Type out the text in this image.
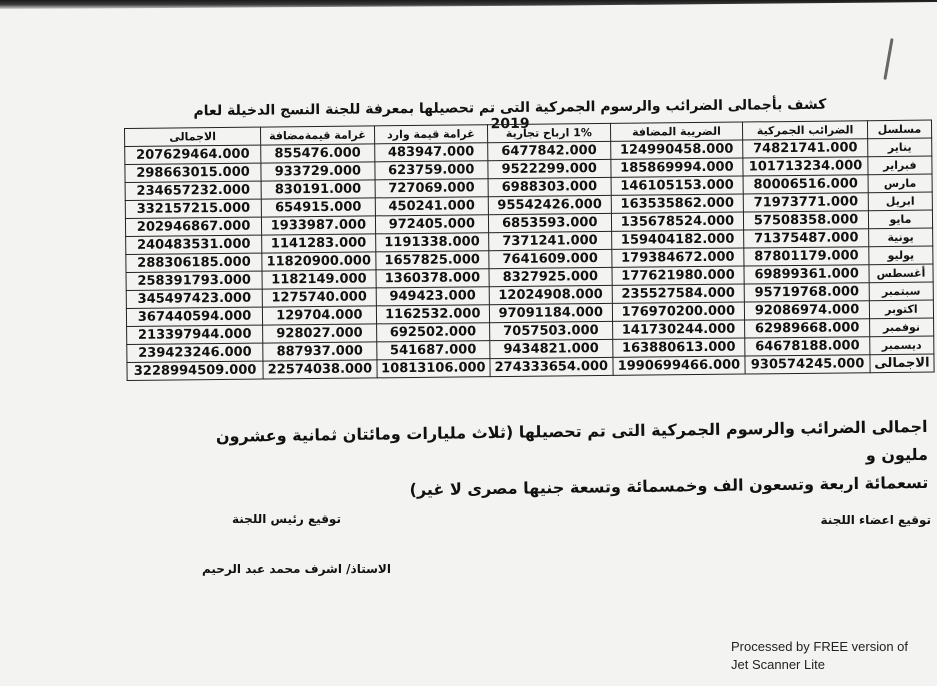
كشف بأجمالى الضرائب والرسوم الجمركية التى تم تحصيلها بمعرفة للجنة النسج الدخيلة لعام 2019	مسلسل	الضرائب الجمركية	الضريبة المضافة	1% ارباح تجارية	غرامة قيمة وارد	غرامة قيمةمضافة	الاجمالى
يناير	74821741.000	124990458.000	6477842.000	483947.000	855476.000	207629464.000
فبراير	101713234.000	185869994.000	9522299.000	623759.000	933729.000	298663015.000
مارس	80006516.000	146105153.000	6988303.000	727069.000	830191.000	234657232.000
ابريل	71973771.000	163535862.000	95542426.000	450241.000	654915.000	332157215.000
مايو	57508358.000	135678524.000	6853593.000	972405.000	1933987.000	202946867.000
يونية	71375487.000	159404182.000	7371241.000	1191338.000	1141283.000	240483531.000
يوليو	87801179.000	179384672.000	7641609.000	1657825.000	11820900.000	288306185.000
أغسطس	69899361.000	177621980.000	8327925.000	1360378.000	1182149.000	258391793.000
سبتمبر	95719768.000	235527584.000	12024908.000	949423.000	1275740.000	345497423.000
اكتوبر	92086974.000	176970200.000	97091184.000	1162532.000	129704.000	367440594.000
نوفمبر	62989668.000	141730244.000	7057503.000	692502.000	928027.000	213397944.000
ديسمبر	64678188.000	163880613.000	9434821.000	541687.000	887937.000	239423246.000
الاجمالى	930574245.000	1990699466.000	274333654.000	10813106.000	22574038.000	3228994509.000
اجمالى الضرائب والرسوم الجمركية التى تم تحصيلها (ثلاث مليارات ومائتان ثمانية وعشرون مليون و
تسعمائة اربعة وتسعون الف وخمسمائة وتسعة جنيها مصرى لا غير)
توقيع اعضاء اللجنة
توقيع رئيس اللجنة
الاستاذ/ اشرف محمد عبد الرحيم
Processed by FREE version of
Jet Scanner Lite
